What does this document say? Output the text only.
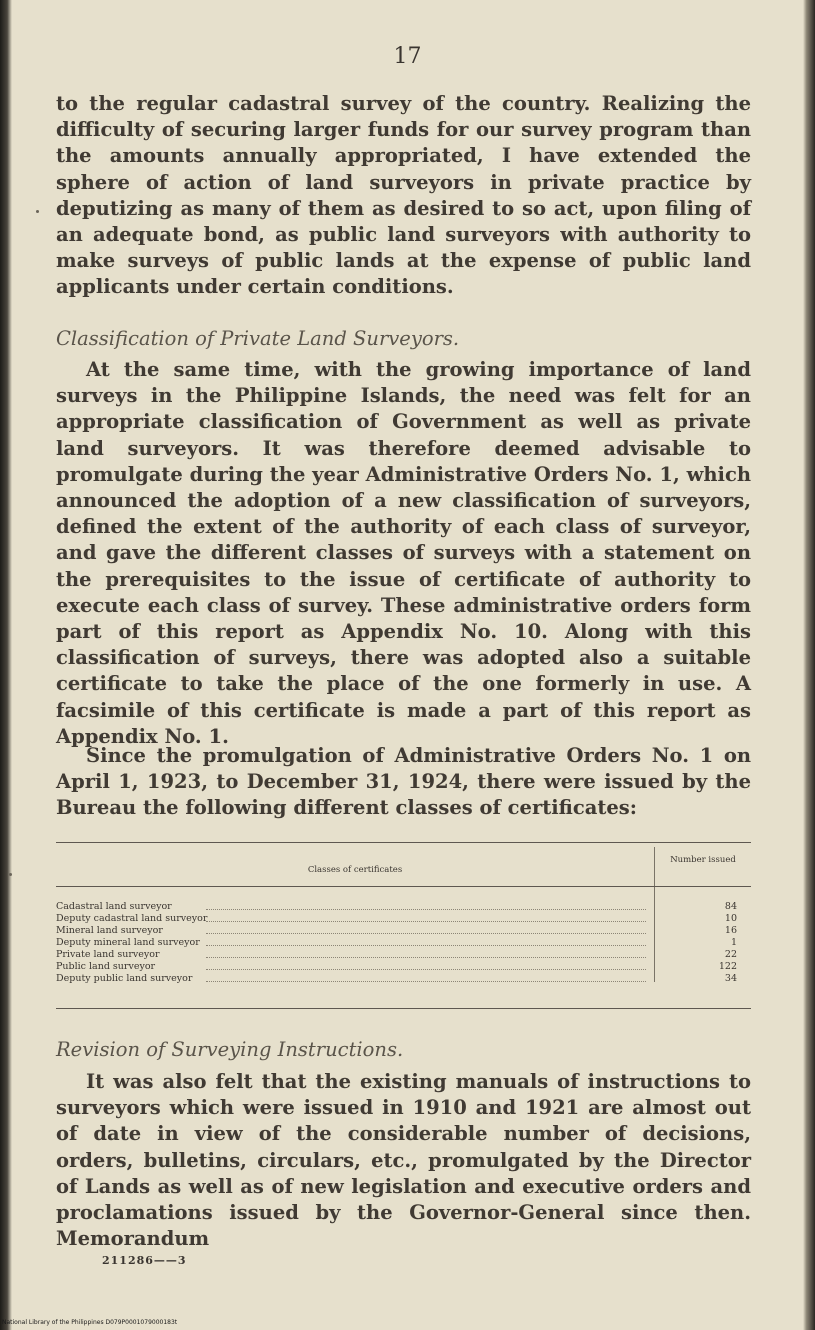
17

to the regular cadastral survey of the country. Realizing the difficulty of securing larger funds for our survey program than the amounts annually appropriated, I have extended the sphere of action of land surveyors in private practice by deputizing as many of them as desired to so act, upon filing of an adequate bond, as public land surveyors with authority to make surveys of public lands at the expense of public land applicants under certain conditions.

Classification of Private Land Surveyors.

At the same time, with the growing importance of land surveys in the Philippine Islands, the need was felt for an appropriate classification of Government as well as private land surveyors. It was therefore deemed advisable to promulgate during the year Administrative Orders No. 1, which announced the adoption of a new classification of surveyors, defined the extent of the authority of each class of surveyor, and gave the different classes of surveys with a statement on the prerequisites to the issue of certificate of authority to execute each class of survey. These administrative orders form part of this report as Appendix No. 10. Along with this classification of surveys, there was adopted also a suitable certificate to take the place of the one formerly in use. A facsimile of this certificate is made a part of this report as Appendix No. 1.

Since the promulgation of Administrative Orders No. 1 on April 1, 1923, to December 31, 1924, there were issued by the Bureau the following different classes of certificates:

Classes of certificates
Number issued
Cadastral land surveyor	84
Deputy cadastral land surveyor	10
Mineral land surveyor	16
Deputy mineral land surveyor	1
Private land surveyor	22
Public land surveyor	122
Deputy public land surveyor	34

Revision of Surveying Instructions.

It was also felt that the existing manuals of instructions to surveyors which were issued in 1910 and 1921 are almost out of date in view of the considerable number of decisions, orders, bulletins, circulars, etc., promulgated by the Director of Lands as well as of new legislation and executive orders and proclamations issued by the Governor-General since then. Memorandum

211286——3
National Library of the Philippines D079P0001079000183t
